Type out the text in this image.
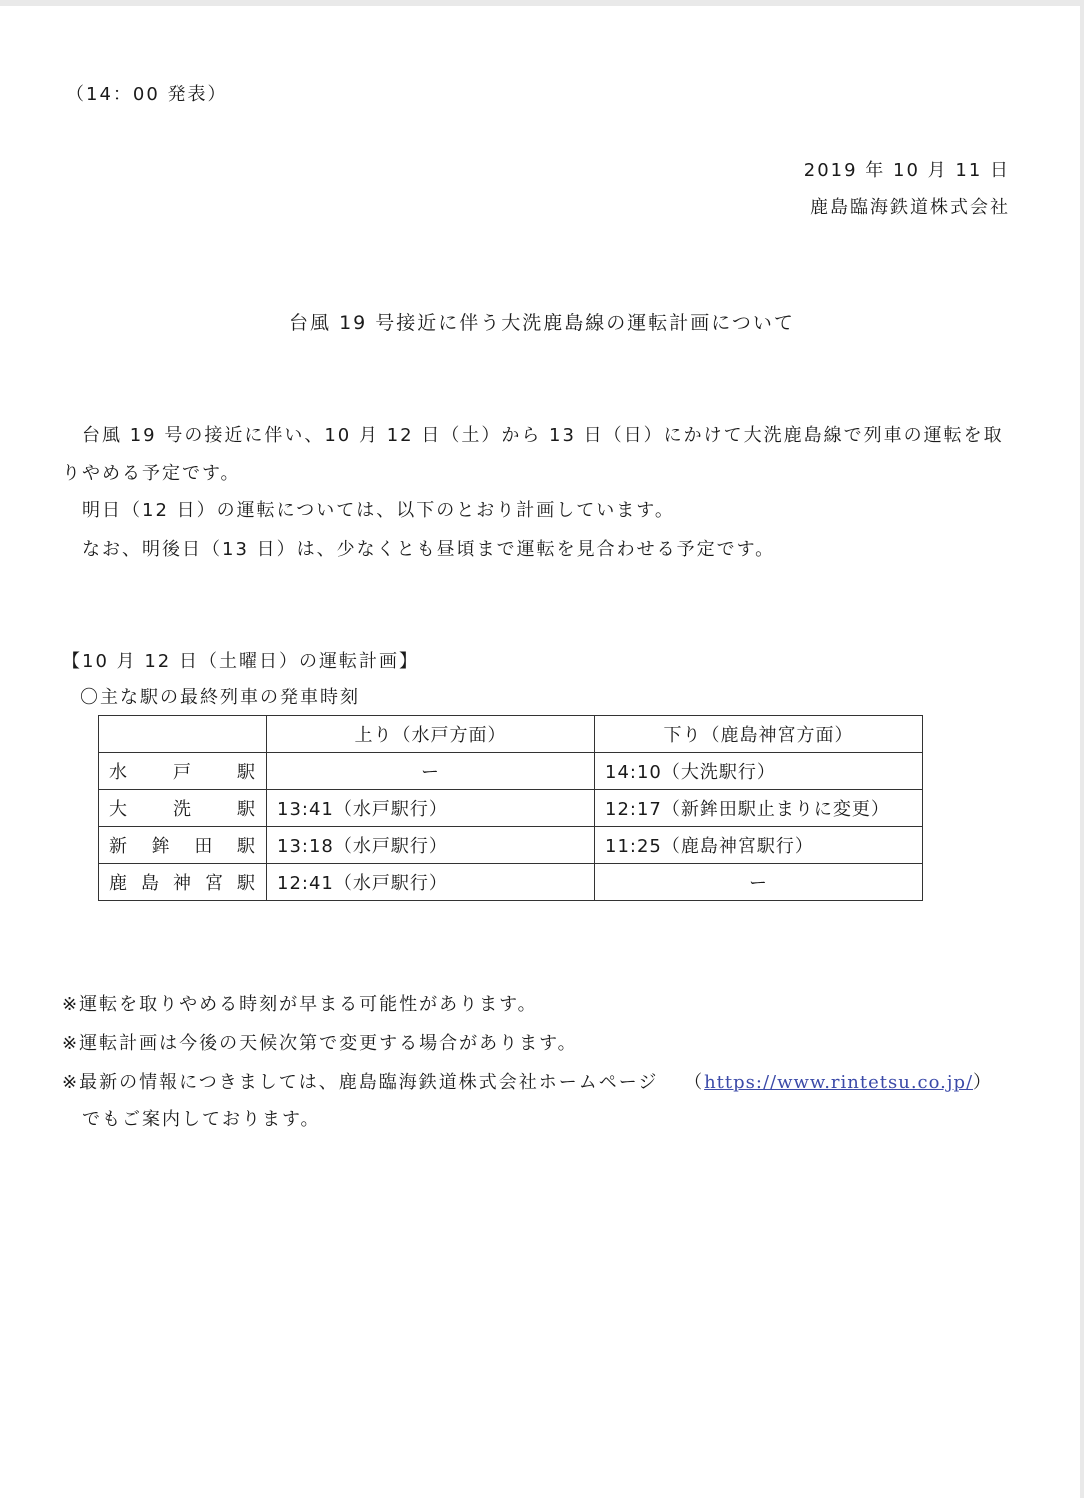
（14：00 発表）
2019 年 10 月 11 日
鹿島臨海鉄道株式会社
台風 19 号接近に伴う大洗鹿島線の運転計画について
台風 19 号の接近に伴い、10 月 12 日（土）から 13 日（日）にかけて大洗鹿島線で列車の運転を取
りやめる予定です。
明日（12 日）の運転については、以下のとおり計画しています。
なお、明後日（13 日）は、少なくとも昼頃まで運転を見合わせる予定です。
【10 月 12 日（土曜日）の運転計画】
〇主な駅の最終列車の発車時刻
	上り（水戸方面）	下り（鹿島神宮方面）
水戸駅	ー	14:10（大洗駅行）
大洗駅	13:41（水戸駅行）	12:17（新鉾田駅止まりに変更）
新鉾田駅	13:18（水戸駅行）	11:25（鹿島神宮駅行）
鹿島神宮駅	12:41（水戸駅行）	ー
※運転を取りやめる時刻が早まる可能性があります。
※運転計画は今後の天候次第で変更する場合があります。
※最新の情報につきましては、鹿島臨海鉄道株式会社ホームページ （https://www.rintetsu.co.jp/）
でもご案内しております。
